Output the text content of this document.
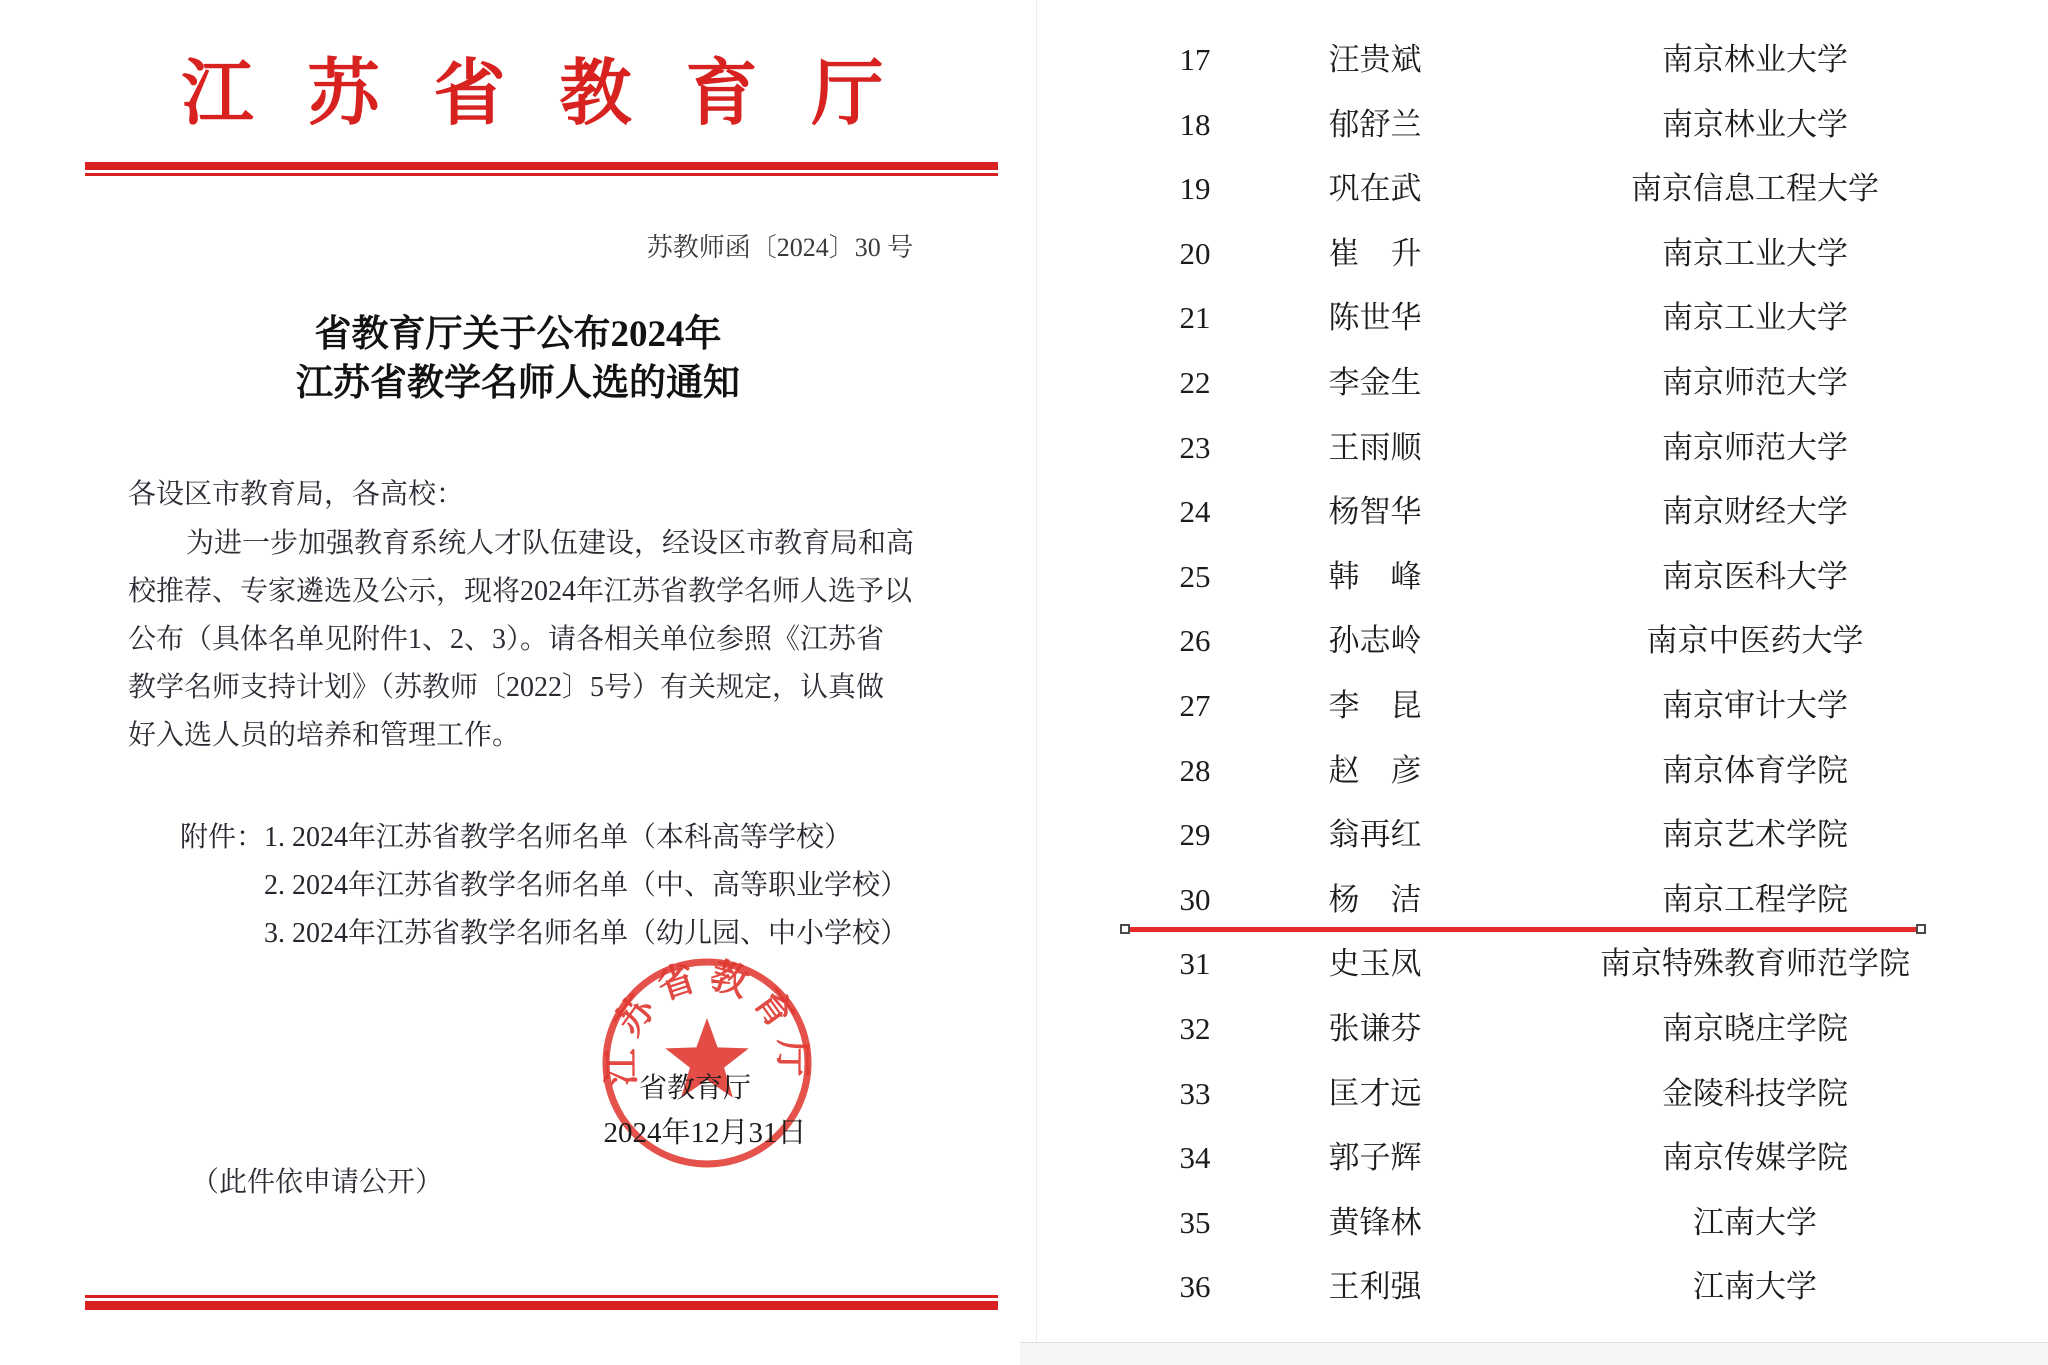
江 苏 省 教 育 厅
苏教师函〔2024〕30 号
省教育厅关于公布2024年
江苏省教学名师人选的通知
各设区市教育局，各高校：
为进一步加强教育系统人才队伍建设，经设区市教育局和高
校推荐、专家遴选及公示，现将2024年江苏省教学名师人选予以
公布（具体名单见附件1、2、3）。请各相关单位参照《江苏省
教学名师支持计划》（苏教师〔2022〕5号）有关规定，认真做
好入选人员的培养和管理工作。
附件：1. 2024年江苏省教学名师名单（本科高等学校）
2. 2024年江苏省教学名师名单（中、高等职业学校）
3. 2024年江苏省教学名师名单（幼儿园、中小学校）
江苏省教育厅
省教育厅
2024年12月31日
（此件依申请公开）
17	汪贵斌	南京林业大学
18	郁舒兰	南京林业大学
19	巩在武	南京信息工程大学
20	崔　升	南京工业大学
21	陈世华	南京工业大学
22	李金生	南京师范大学
23	王雨顺	南京师范大学
24	杨智华	南京财经大学
25	韩　峰	南京医科大学
26	孙志岭	南京中医药大学
27	李　昆	南京审计大学
28	赵　彦	南京体育学院
29	翁再红	南京艺术学院
30	杨　洁	南京工程学院
31	史玉凤	南京特殊教育师范学院
32	张谦芬	南京晓庄学院
33	匡才远	金陵科技学院
34	郭子辉	南京传媒学院
35	黄锋林	江南大学
36	王利强	江南大学
